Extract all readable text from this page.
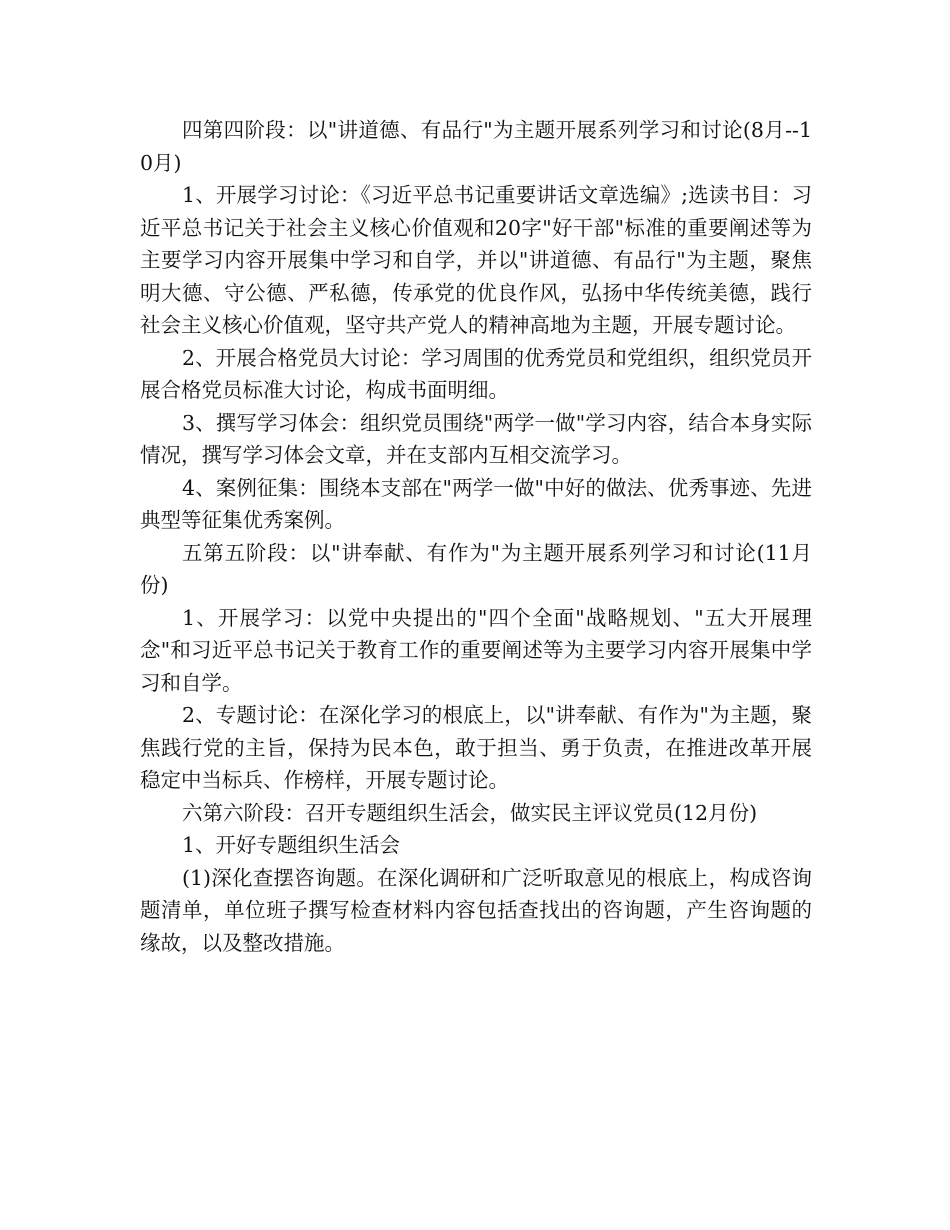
四第四阶段：以"讲道德、有品行"为主题开展系列学习和讨论(8月--10月)

1、开展学习讨论：《习近平总书记重要讲话文章选编》;选读书目：习近平总书记关于社会主义核心价值观和20字"好干部"标准的重要阐述等为主要学习内容开展集中学习和自学，并以"讲道德、有品行"为主题，聚焦明大德、守公德、严私德，传承党的优良作风，弘扬中华传统美德，践行社会主义核心价值观，坚守共产党人的精神高地为主题，开展专题讨论。

2、开展合格党员大讨论：学习周围的优秀党员和党组织，组织党员开展合格党员标准大讨论，构成书面明细。

3、撰写学习体会：组织党员围绕"两学一做"学习内容，结合本身实际情况，撰写学习体会文章，并在支部内互相交流学习。

4、案例征集：围绕本支部在"两学一做"中好的做法、优秀事迹、先进典型等征集优秀案例。

五第五阶段：以"讲奉献、有作为"为主题开展系列学习和讨论(11月份)

1、开展学习：以党中央提出的"四个全面"战略规划、"五大开展理念"和习近平总书记关于教育工作的重要阐述等为主要学习内容开展集中学习和自学。

2、专题讨论：在深化学习的根底上，以"讲奉献、有作为"为主题，聚焦践行党的主旨，保持为民本色，敢于担当、勇于负责，在推进改革开展稳定中当标兵、作榜样，开展专题讨论。

六第六阶段：召开专题组织生活会，做实民主评议党员(12月份)

1、开好专题组织生活会

(1)深化查摆咨询题。在深化调研和广泛听取意见的根底上，构成咨询题清单，单位班子撰写检查材料内容包括查找出的咨询题，产生咨询题的缘故，以及整改措施。
